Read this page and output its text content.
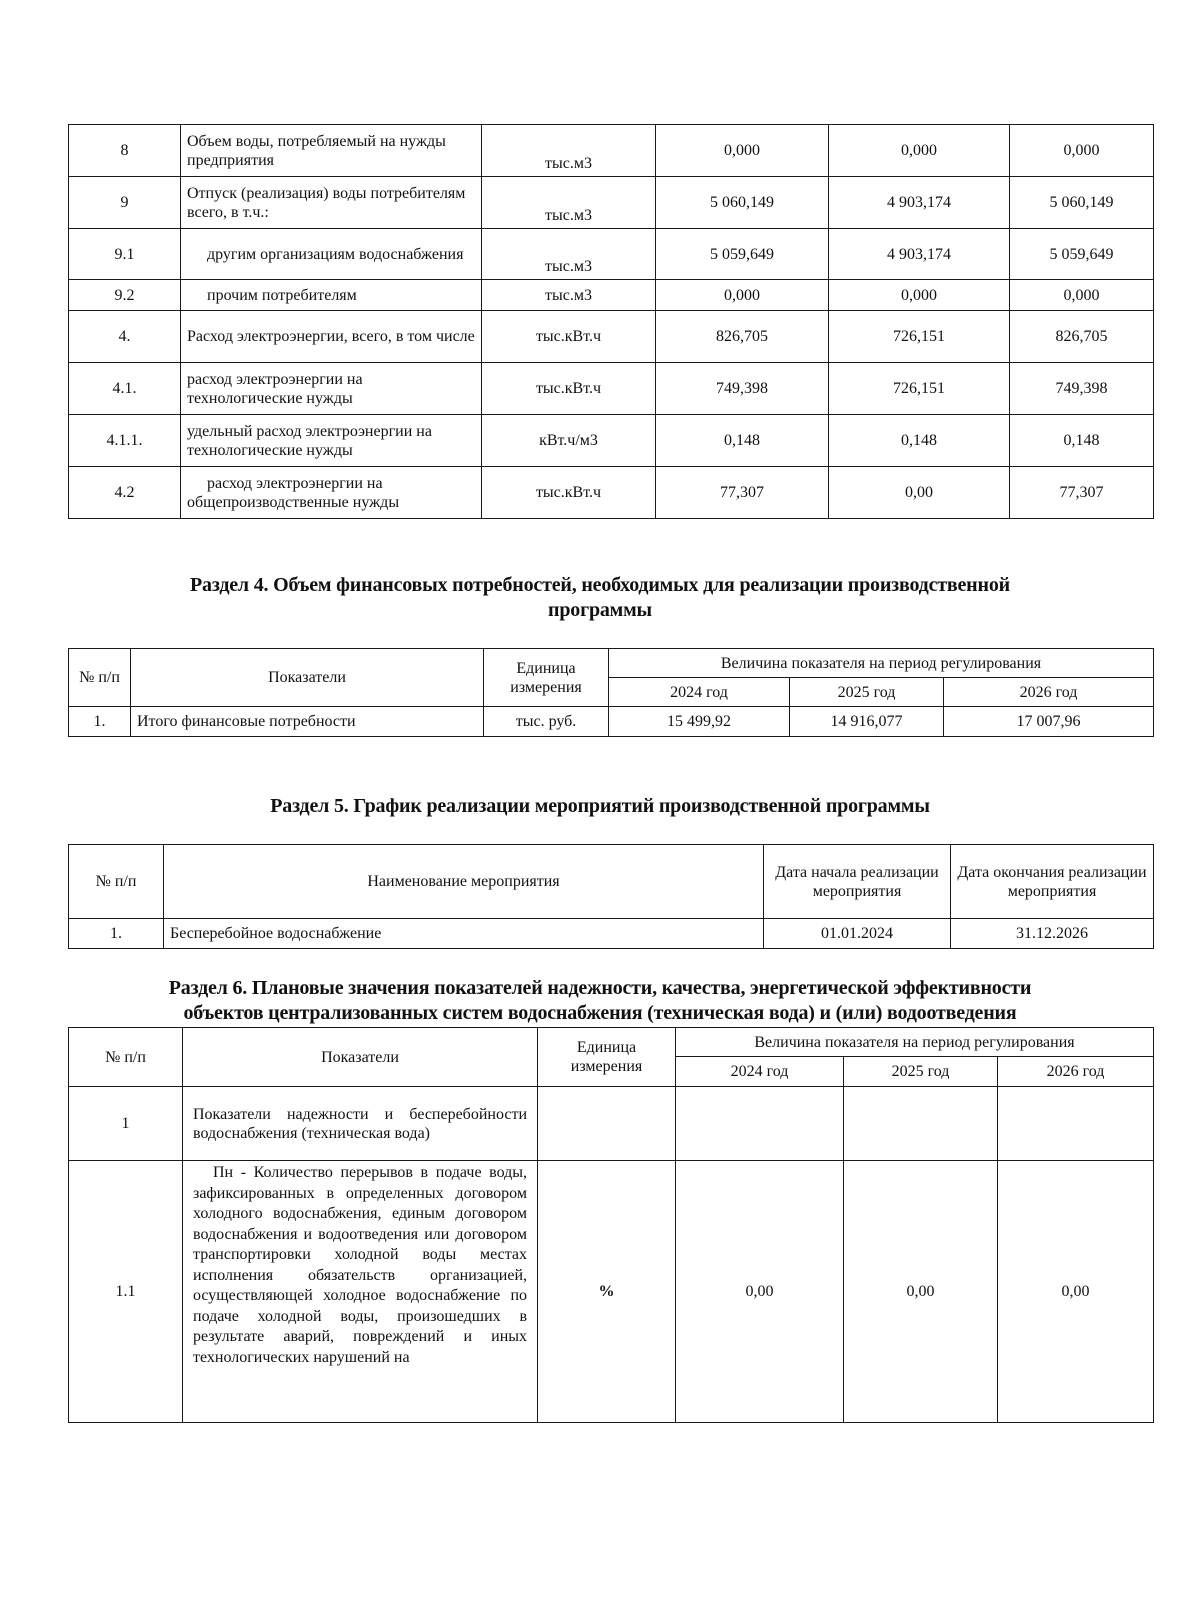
8	Объем воды, потребляемый на нужды предприятия	тыс.м3	0,000	0,000	0,000
9	Отпуск (реализация) воды потребителям всего, в т.ч.:	тыс.м3	5 060,149	4 903,174	5 060,149
9.1	другим организациям водоснабжения	тыс.м3	5 059,649	4 903,174	5 059,649
9.2	прочим потребителям	тыс.м3	0,000	0,000	0,000
4.	Расход электроэнергии, всего, в том числе	тыс.кВт.ч	826,705	726,151	826,705
4.1.	расход электроэнергии на технологические нужды	тыс.кВт.ч	749,398	726,151	749,398
4.1.1.	удельный расход электроэнергии на технологические нужды	кВт.ч/м3	0,148	0,148	0,148
4.2	расход электроэнергии на общепроизводственные нужды	тыс.кВт.ч	77,307	0,00	77,307
Раздел 4. Объем финансовых потребностей, необходимых для реализации производственной
программы
№ п/п	Показатели	Единица измерения	Величина показателя на период регулирования		
			2024 год	2025 год	2026 год
1.	Итого финансовые потребности	тыс. руб.	15 499,92	14 916,077	17 007,96
Раздел 5. График реализации мероприятий производственной программы
№ п/п	Наименование мероприятия	Дата начала реализации мероприятия	Дата окончания реализации мероприятия
1.	Бесперебойное водоснабжение	01.01.2024	31.12.2026
Раздел 6. Плановые значения показателей надежности, качества, энергетической эффективности
объектов централизованных систем водоснабжения (техническая вода) и (или) водоотведения
№ п/п	Показатели	Единица измерения	Величина показателя на период регулирования		
			2024 год	2025 год	2026 год
1	Показатели надежности и бесперебойности водоснабжения (техническая вода)				
1.1	Пн - Количество перерывов в подаче воды, зафиксированных в определенных договором холодного водоснабжения, единым договором водоснабжения и водоотведения или договором транспортировки холодной воды местах исполнения обязательств организацией, осуществляющей холодное водоснабжение по подаче холодной воды, произошедших в результате аварий, повреждений и иных технологических нарушений на	%	0,00	0,00	0,00
